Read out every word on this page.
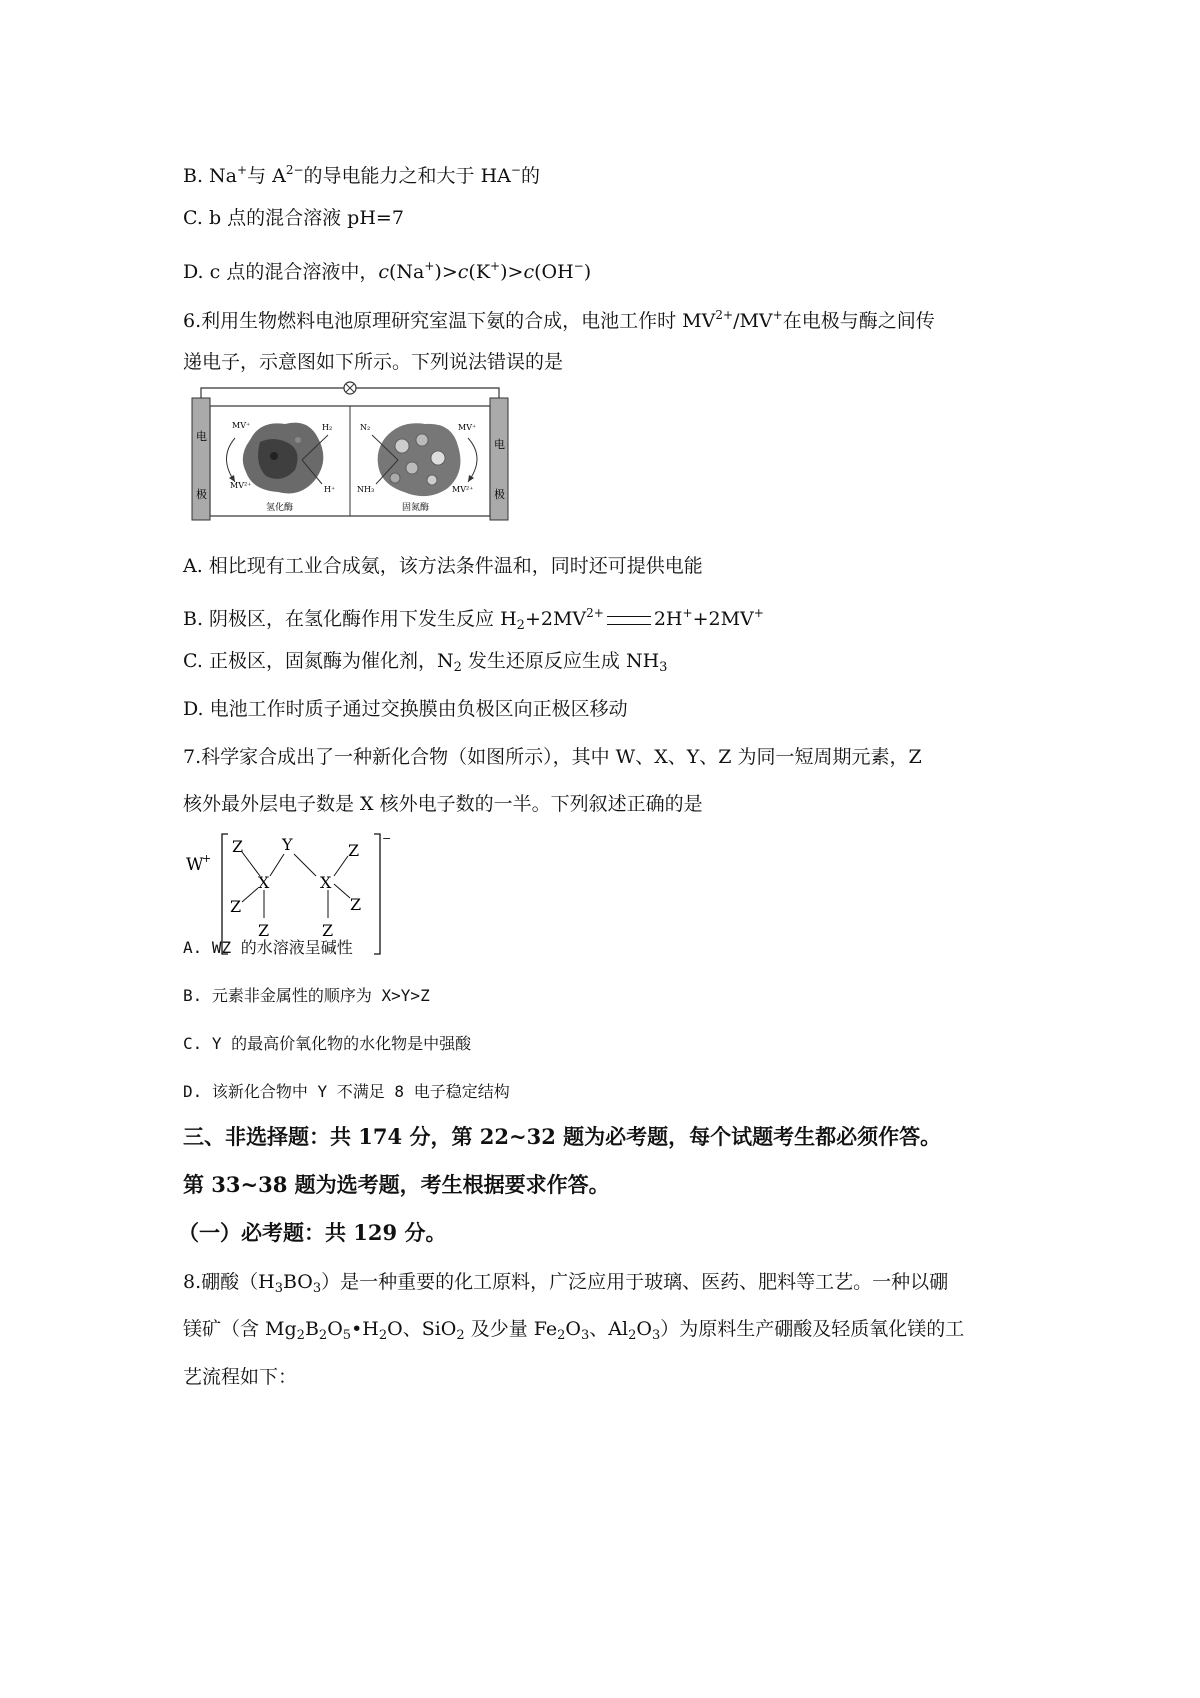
B. Na+与 $A^{2-}$的导电能力之和大于 HA−的
C. b 点的混合溶液 pH=7
D. c 点的混合溶液中，c(Na+)>c(K+)>c(OH−)
6.利用生物燃料电池原理研究室温下氨的合成，电池工作时 $MV^{2+}/MV^+$在电极与酶之间传
递电子，示意图如下所示。下列说法错误的是
电
极
电
极
MV⁺
MV²⁺
H₂
H⁺
氢化酶
N₂
NH₃
MV⁺
MV²⁺
固氮酶
A. 相比现有工业合成氨，该方法条件温和，同时还可提供电能
B. 阴极区，在氢化酶作用下发生反应 $H_2+2MV^{2+}$	2H++2MV+
C. 正极区，固氮酶为催化剂，$N_2$ 发生还原反应生成 $NH_3$
D. 电池工作时质子通过交换膜由负极区向正极区移动
7.科学家合成出了一种新化合物（如图所示），其中 W、X、Y、Z 为同一短周期元素，Z
核外最外层电子数是 X 核外电子数的一半。下列叙述正确的是
W
+
−
Z
Z
X
Z
Y
X
Z
Z
Z
A. WZ 的水溶液呈碱性
B. 元素非金属性的顺序为 X>Y>Z
C. Y 的最高价氧化物的水化物是中强酸
D. 该新化合物中 Y 不满足 8 电子稳定结构
三、非选择题：共 174 分，第 22~32 题为必考题，每个试题考生都必须作答。
第 33~38 题为选考题，考生根据要求作答。
（一）必考题：共 129 分。
8.硼酸$(H_3BO_3)$是一种重要的化工原料，广泛应用于玻璃、医药、肥料等工艺。一种以硼
镁矿（含 $Mg_2B_2O_5•H_2O$、SiO$_2$ 及少量 $Fe_2O_3$、$Al_2O_3$）为原料生产硼酸及轻质氧化镁的工
艺流程如下：
